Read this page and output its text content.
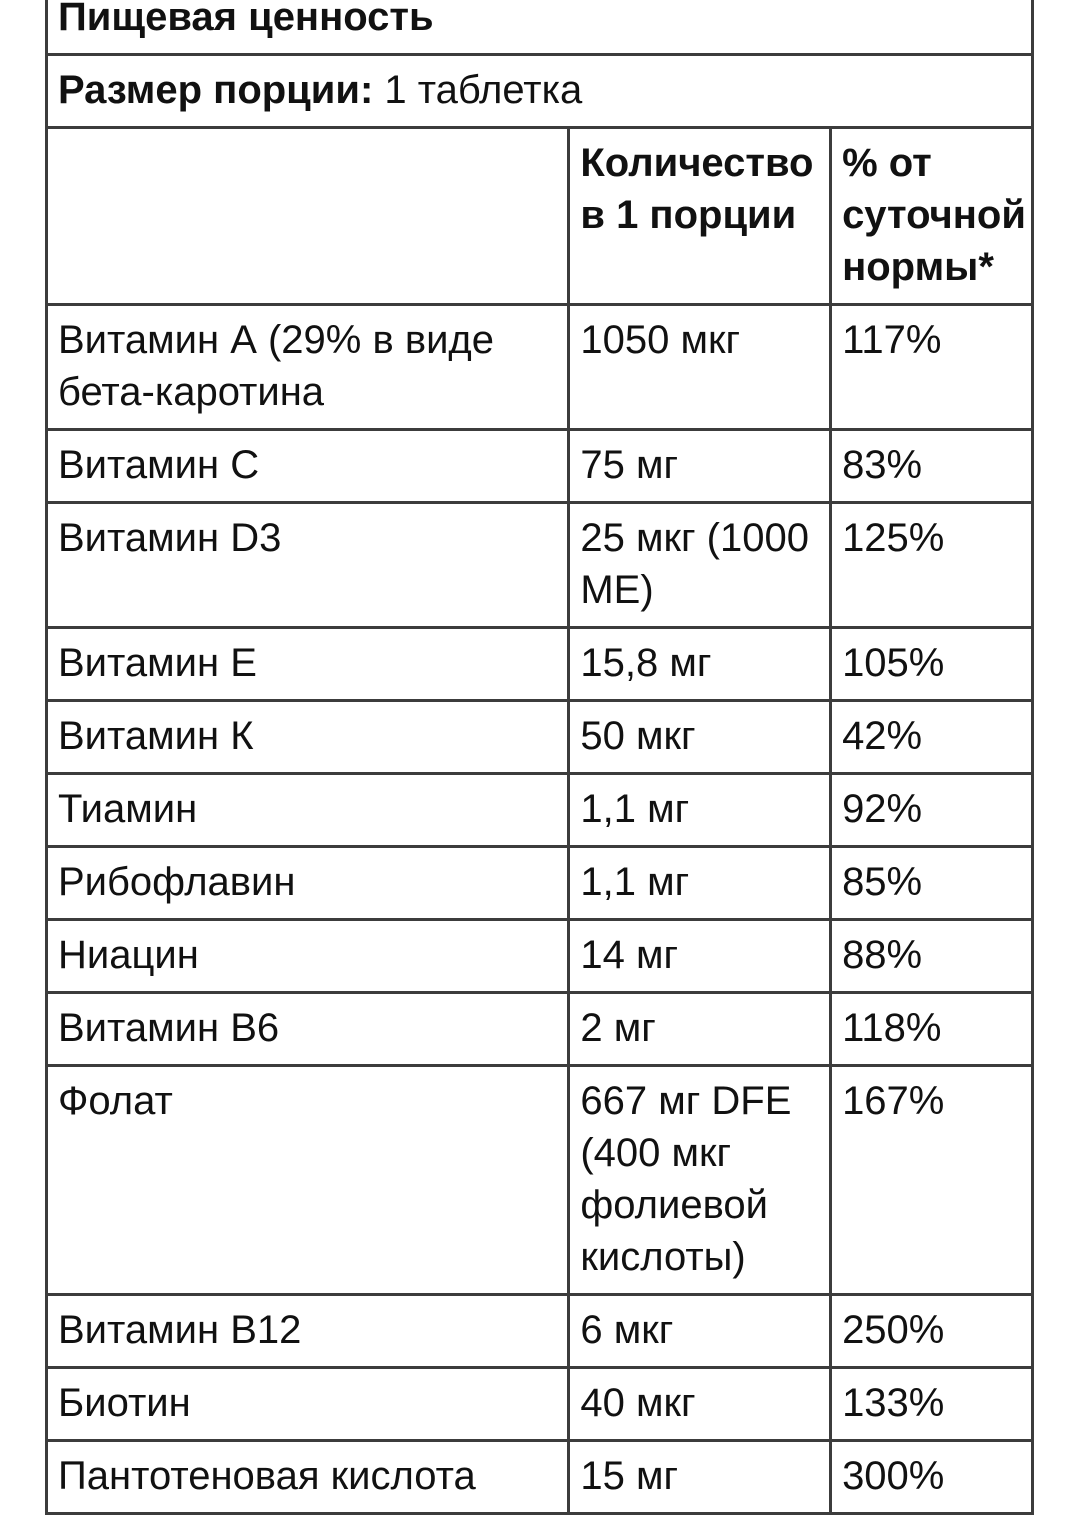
Пищевая ценность		
Размер порции: 1 таблетка		
	Количество в 1 порции	% от суточной нормы*
Витамин А (29% в виде бета-каротина	1050 мкг	117%
Витамин С	75 мг	83%
Витамин D3	25 мкг (1000 МЕ)	125%
Витамин Е	15,8 мг	105%
Витамин К	50 мкг	42%
Тиамин	1,1 мг	92%
Рибофлавин	1,1 мг	85%
Ниацин	14 мг	88%
Витамин В6	2 мг	118%
Фолат	667 мг DFE (400 мкг фолиевой кислоты)	167%
Витамин В12	6 мкг	250%
Биотин	40 мкг	133%
Пантотеновая кислота	15 мг	300%
